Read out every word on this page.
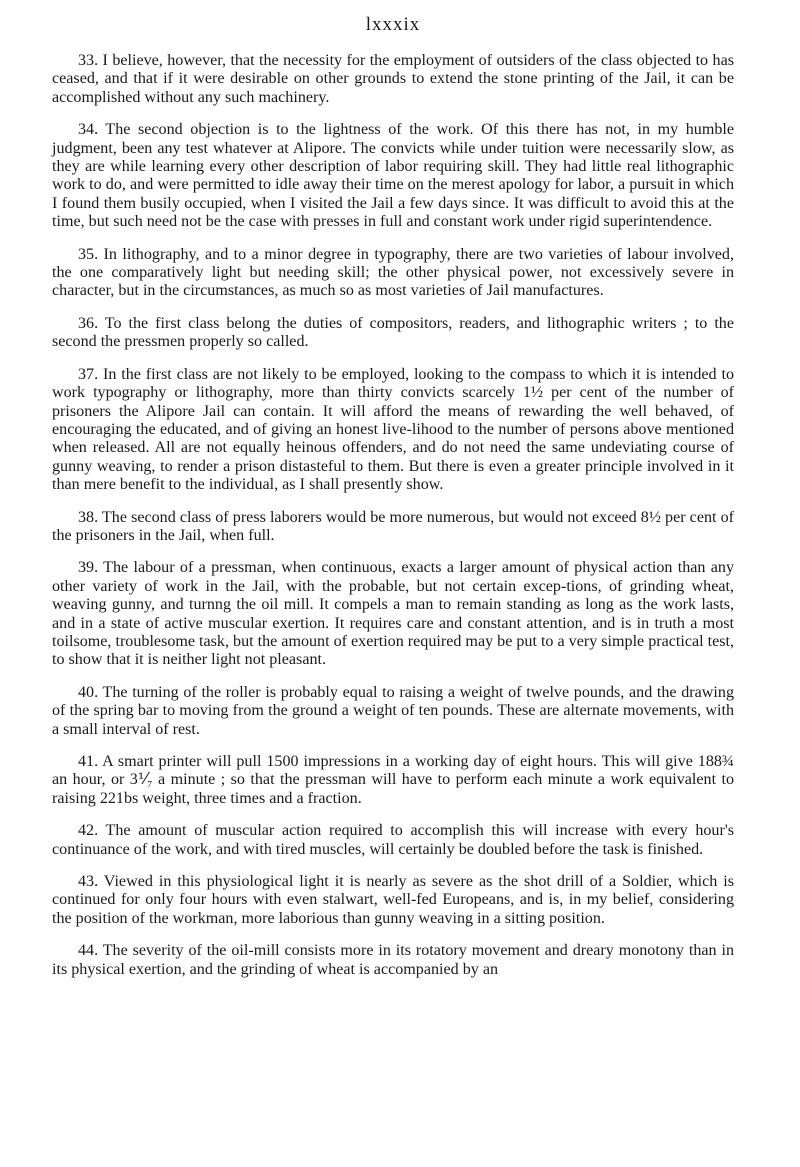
lxxxix

33. I believe, however, that the necessity for the employment of outsiders of the class objected to has ceased, and that if it were desirable on other grounds to extend the stone printing of the Jail, it can be accomplished without any such machinery.

34. The second objection is to the lightness of the work. Of this there has not, in my humble judgment, been any test whatever at Alipore. The convicts while under tuition were necessarily slow, as they are while learning every other description of labor requiring skill. They had little real lithographic work to do, and were permitted to idle away their time on the merest apology for labor, a pursuit in which I found them busily occupied, when I visited the Jail a few days since. It was difficult to avoid this at the time, but such need not be the case with presses in full and constant work under rigid superintendence.

35. In lithography, and to a minor degree in typography, there are two varieties of labour involved, the one comparatively light but needing skill; the other physical power, not excessively severe in character, but in the circumstances, as much so as most varieties of Jail manufactures.

36. To the first class belong the duties of compositors, readers, and lithographic writers ; to the second the pressmen properly so called.

37. In the first class are not likely to be employed, looking to the compass to which it is intended to work typography or lithography, more than thirty convicts scarcely 1½ per cent of the number of prisoners the Alipore Jail can contain. It will afford the means of rewarding the well behaved, of encouraging the educated, and of giving an honest live-lihood to the number of persons above mentioned when released. All are not equally heinous offenders, and do not need the same undeviating course of gunny weaving, to render a prison distasteful to them. But there is even a greater principle involved in it than mere benefit to the individual, as I shall presently show.

38. The second class of press laborers would be more numerous, but would not exceed 8½ per cent of the prisoners in the Jail, when full.

39. The labour of a pressman, when continuous, exacts a larger amount of physical action than any other variety of work in the Jail, with the probable, but not certain excep-tions, of grinding wheat, weaving gunny, and turnng the oil mill. It compels a man to remain standing as long as the work lasts, and in a state of active muscular exertion. It requires care and constant attention, and is in truth a most toilsome, troublesome task, but the amount of exertion required may be put to a very simple practical test, to show that it is neither light not pleasant.

40. The turning of the roller is probably equal to raising a weight of twelve pounds, and the drawing of the spring bar to moving from the ground a weight of ten pounds. These are alternate movements, with a small interval of rest.

41. A smart printer will pull 1500 impressions in a working day of eight hours. This will give 188¾ an hour, or 3⅟₇ a minute ; so that the pressman will have to perform each minute a work equivalent to raising 221bs weight, three times and a fraction.

42. The amount of muscular action required to accomplish this will increase with every hour's continuance of the work, and with tired muscles, will certainly be doubled before the task is finished.

43. Viewed in this physiological light it is nearly as severe as the shot drill of a Soldier, which is continued for only four hours with even stalwart, well-fed Europeans, and is, in my belief, considering the position of the workman, more laborious than gunny weaving in a sitting position.

44. The severity of the oil-mill consists more in its rotatory movement and dreary monotony than in its physical exertion, and the grinding of wheat is accompanied by an
